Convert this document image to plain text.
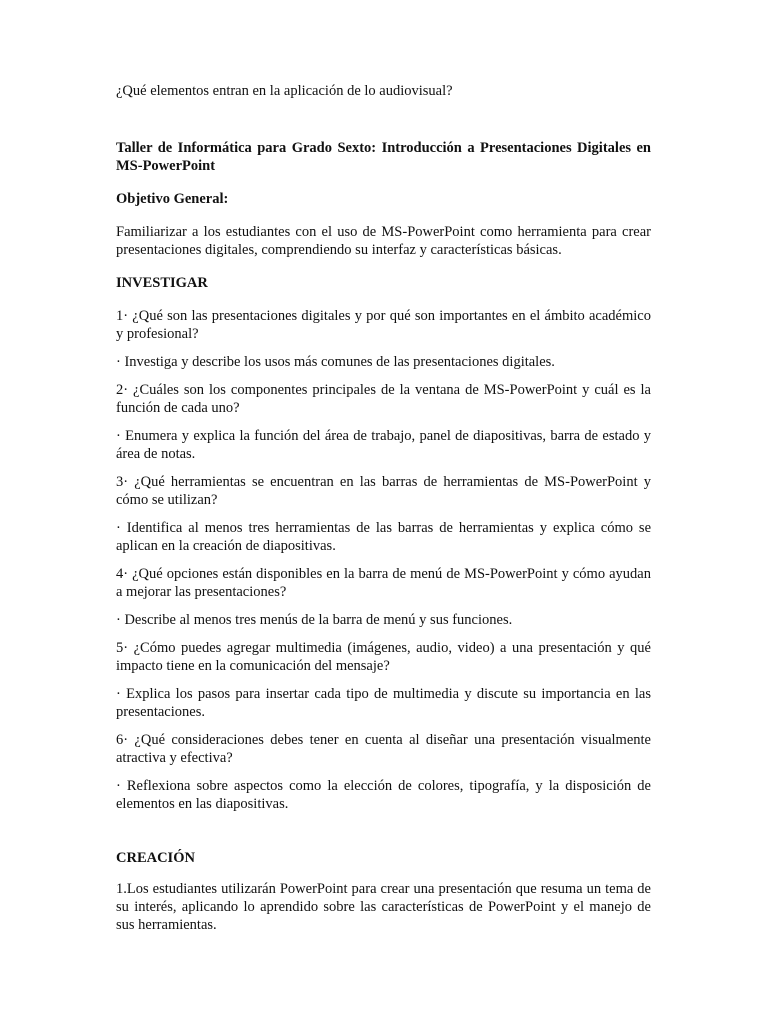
¿Qué elementos entran en la aplicación de lo audiovisual?

Taller de Informática para Grado Sexto: Introducción a Presentaciones Digitales en MS-PowerPoint

Objetivo General:

Familiarizar a los estudiantes con el uso de MS-PowerPoint como herramienta para crear presentaciones digitales, comprendiendo su interfaz y características básicas.

INVESTIGAR

1· ¿Qué son las presentaciones digitales y por qué son importantes en el ámbito académico y profesional?

· Investiga y describe los usos más comunes de las presentaciones digitales.

2· ¿Cuáles son los componentes principales de la ventana de MS-PowerPoint y cuál es la función de cada uno?

· Enumera y explica la función del área de trabajo, panel de diapositivas, barra de estado y área de notas.

3· ¿Qué herramientas se encuentran en las barras de herramientas de MS-PowerPoint y cómo se utilizan?

· Identifica al menos tres herramientas de las barras de herramientas y explica cómo se aplican en la creación de diapositivas.

4· ¿Qué opciones están disponibles en la barra de menú de MS-PowerPoint y cómo ayudan a mejorar las presentaciones?

· Describe al menos tres menús de la barra de menú y sus funciones.

5· ¿Cómo puedes agregar multimedia (imágenes, audio, video) a una presentación y qué impacto tiene en la comunicación del mensaje?

· Explica los pasos para insertar cada tipo de multimedia y discute su importancia en las presentaciones.

6· ¿Qué consideraciones debes tener en cuenta al diseñar una presentación visualmente atractiva y efectiva?

· Reflexiona sobre aspectos como la elección de colores, tipografía, y la disposición de elementos en las diapositivas.

CREACIÓN

1.Los estudiantes utilizarán PowerPoint para crear una presentación que resuma un tema de su interés, aplicando lo aprendido sobre las características de PowerPoint y el manejo de sus herramientas.
